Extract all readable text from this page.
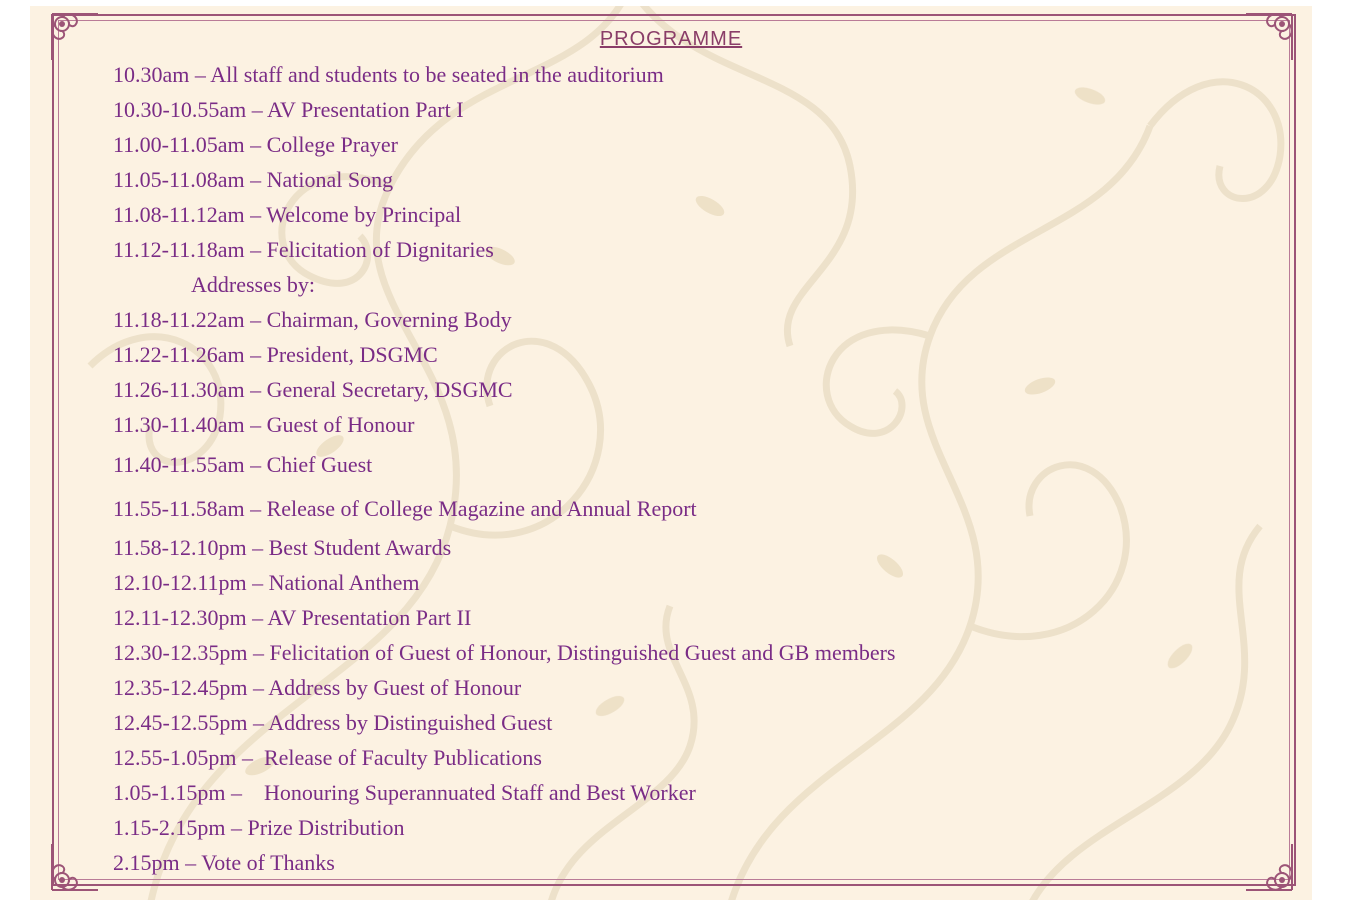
PROGRAMME
10.30am – All staff and students to be seated in the auditorium
10.30-10.55am – AV Presentation Part I
11.00-11.05am – College Prayer
11.05-11.08am – National Song
11.08-11.12am – Welcome by Principal
11.12-11.18am – Felicitation of Dignitaries
Addresses by:
11.18-11.22am – Chairman, Governing Body
11.22-11.26am – President, DSGMC
11.26-11.30am – General Secretary, DSGMC
11.30-11.40am – Guest of Honour
11.40-11.55am – Chief Guest
11.55-11.58am – Release of College Magazine and Annual Report
11.58-12.10pm – Best Student Awards
12.10-12.11pm – National Anthem
12.11-12.30pm – AV Presentation Part II
12.30-12.35pm – Felicitation of Guest of Honour, Distinguished Guest and GB members
12.35-12.45pm – Address by Guest of Honour
12.45-12.55pm – Address by Distinguished Guest
12.55-1.05pm –  Release of Faculty Publications
1.05-1.15pm –    Honouring Superannuated Staff and Best Worker
1.15-2.15pm – Prize Distribution
2.15pm – Vote of Thanks
